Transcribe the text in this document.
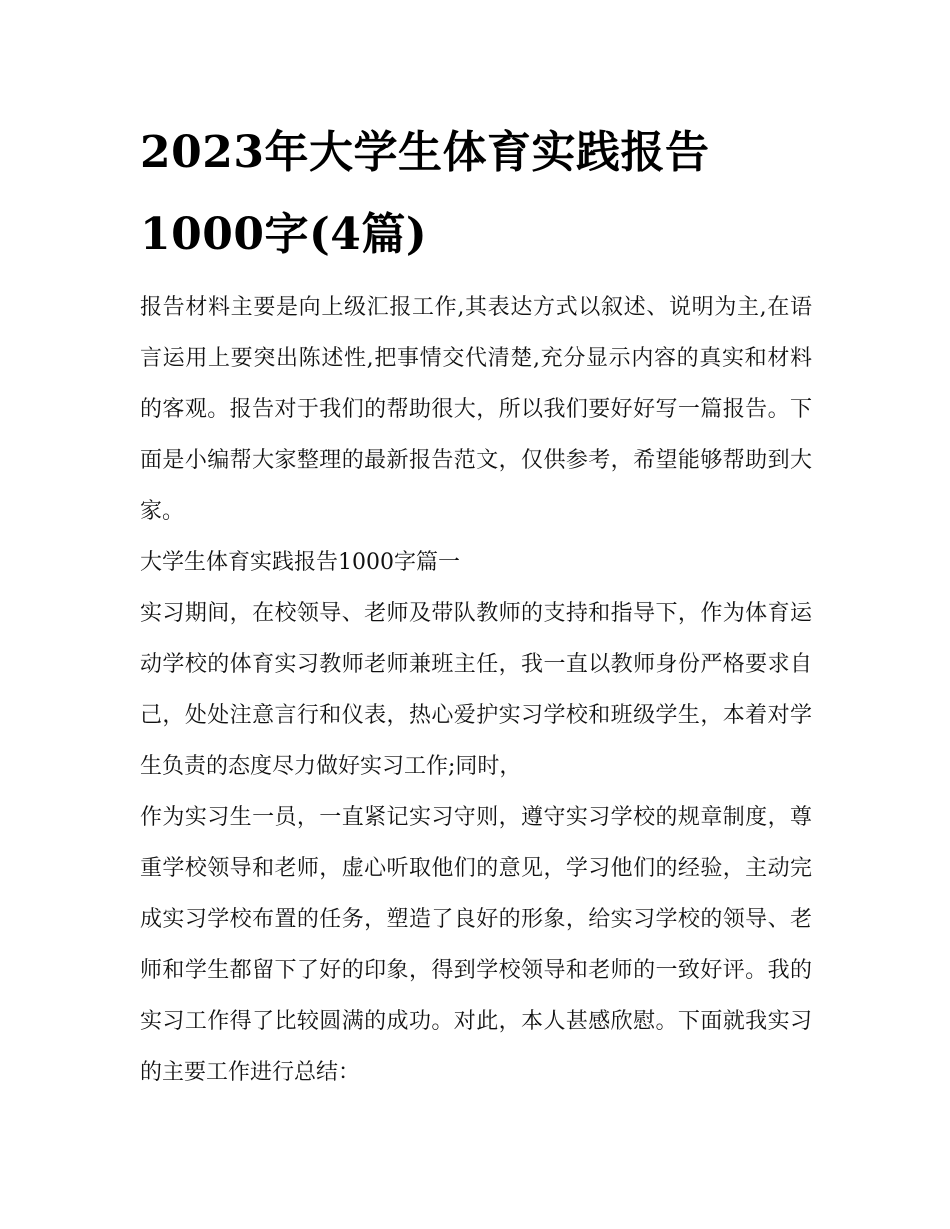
2023年大学生体育实践报告1000字(4篇)

报告材料主要是向上级汇报工作,其表达方式以叙述、说明为主,在语言运用上要突出陈述性,把事情交代清楚,充分显示内容的真实和材料的客观。报告对于我们的帮助很大，所以我们要好好写一篇报告。下面是小编帮大家整理的最新报告范文，仅供参考，希望能够帮助到大家。

大学生体育实践报告1000字篇一

实习期间，在校领导、老师及带队教师的支持和指导下，作为体育运动学校的体育实习教师老师兼班主任，我一直以教师身份严格要求自己，处处注意言行和仪表，热心爱护实习学校和班级学生，本着对学生负责的态度尽力做好实习工作;同时，

作为实习生一员，一直紧记实习守则，遵守实习学校的规章制度，尊重学校领导和老师，虚心听取他们的意见，学习他们的经验，主动完成实习学校布置的任务，塑造了良好的形象，给实习学校的领导、老师和学生都留下了好的印象，得到学校领导和老师的一致好评。我的实习工作得了比较圆满的成功。对此，本人甚感欣慰。下面就我实习的主要工作进行总结：
